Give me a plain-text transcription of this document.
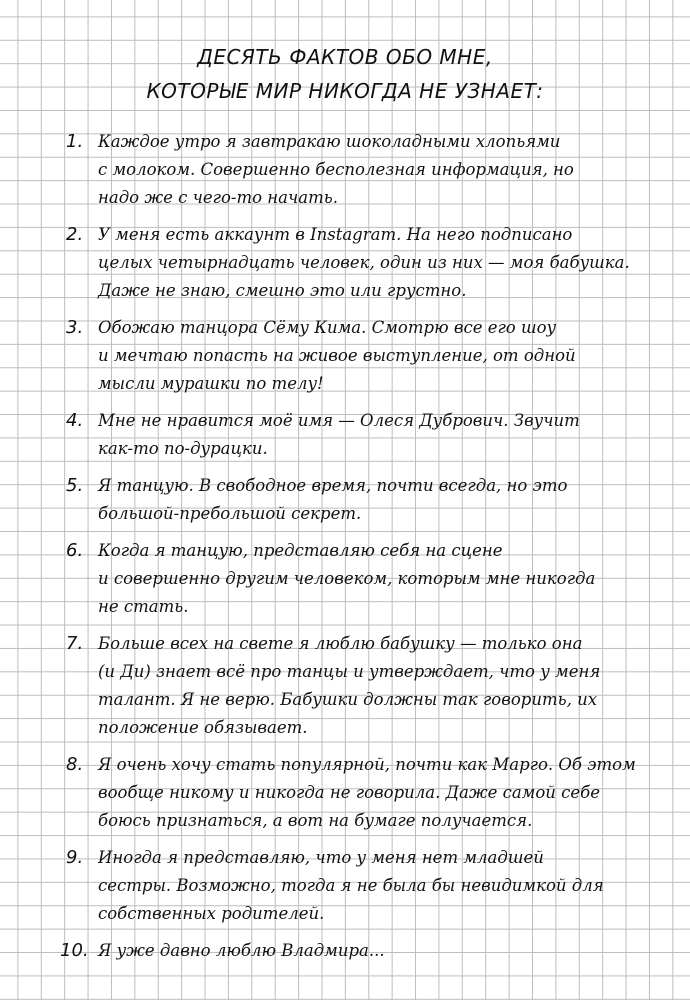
ДЕСЯТЬ ФАКТОВ ОБО МНЕ,
КОТОРЫЕ МИР НИКОГДА НЕ УЗНАЕТ:
1. Каждое утро я завтракаю шоколадными хлопьями
с молоком. Совершенно бесполезная информация, но
надо же с чего-то начать.
2. У меня есть аккаунт в Instagram. На него подписано
целых четырнадцать человек, один из них — моя бабушка.
Даже не знаю, смешно это или грустно.
3. Обожаю танцора Сёму Кима. Смотрю все его шоу
и мечтаю попасть на живое выступление, от одной
мысли мурашки по телу!
4. Мне не нравится моё имя — Олеся Дубрович. Звучит
как-то по-дурацки.
5. Я танцую. В свободное время, почти всегда, но это
большой-пребольшой секрет.
6. Когда я танцую, представляю себя на сцене
и совершенно другим человеком, которым мне никогда
не стать.
7. Больше всех на свете я люблю бабушку — только она
(и Ди) знает всё про танцы и утверждает, что у меня
талант. Я не верю. Бабушки должны так говорить, их
положение обязывает.
8. Я очень хочу стать популярной, почти как Марго. Об этом
вообще никому и никогда не говорила. Даже самой себе
боюсь признаться, а вот на бумаге получается.
9. Иногда я представляю, что у меня нет младшей
сестры. Возможно, тогда я не была бы невидимкой для
собственных родителей.
10. Я уже давно люблю Владмира...
